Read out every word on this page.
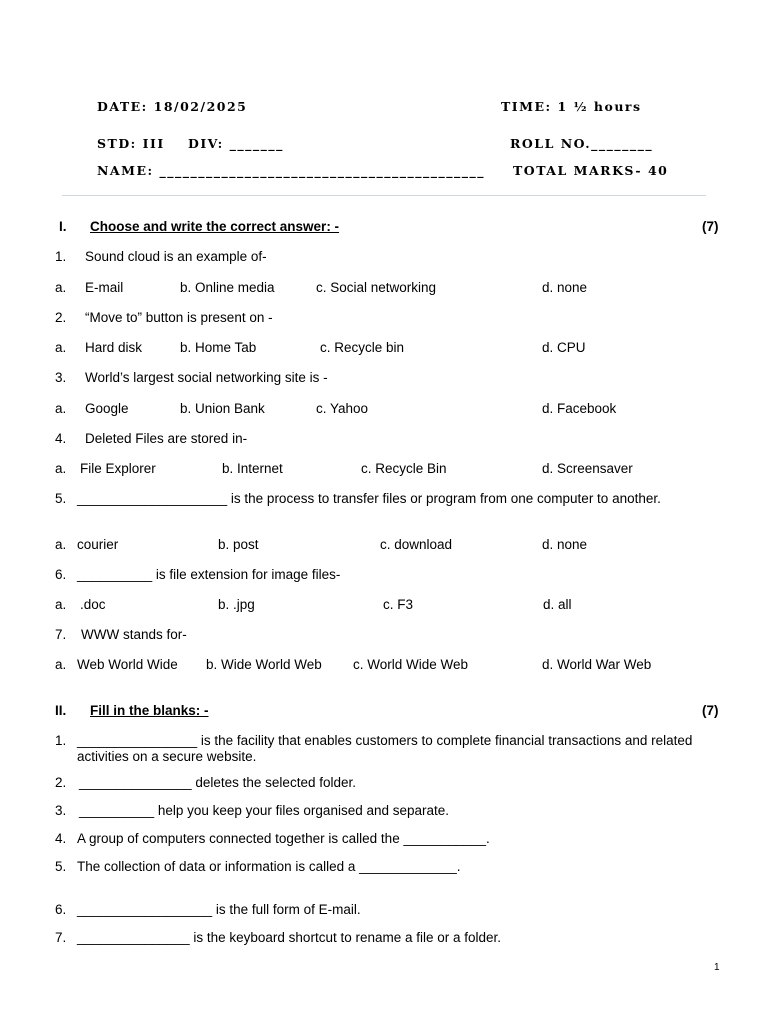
DATE: 18/02/2025	TIME: 1 ½ hours
STD: III DIV: _______	ROLL NO.________
NAME: __________________________________________ TOTAL MARKS- 40
I. Choose and write the correct answer: -	(7)
1. Sound cloud is an example of-
a. E-mail	b. Online media	c. Social networking	d. none
2. “Move to” button is present on -
a. Hard disk	b. Home Tab	c. Recycle bin	d. CPU
3. World’s largest social networking site is -
a. Google	b. Union Bank	c. Yahoo	d. Facebook
4. Deleted Files are stored in-
a. File Explorer	b. Internet	c. Recycle Bin	d. Screensaver
5. ____________________ is the process to transfer files or program from one computer to another.
a. courier	b. post	c. download	d. none
6. __________ is file extension for image files-
a. .doc	b. .jpg	c. F3	d. all
7. WWW stands for-
a. Web World Wide b. Wide World Web c. World Wide Web	d. World War Web
II. Fill in the blanks: -	(7)
1. ________________ is the facility that enables customers to complete financial transactions and related activities on a secure website.
2. _______________ deletes the selected folder.
3. __________ help you keep your files organised and separate.
4. A group of computers connected together is called the ___________.
5. The collection of data or information is called a _____________.
6. __________________ is the full form of E-mail.
7. _______________ is the keyboard shortcut to rename a file or a folder.
1
